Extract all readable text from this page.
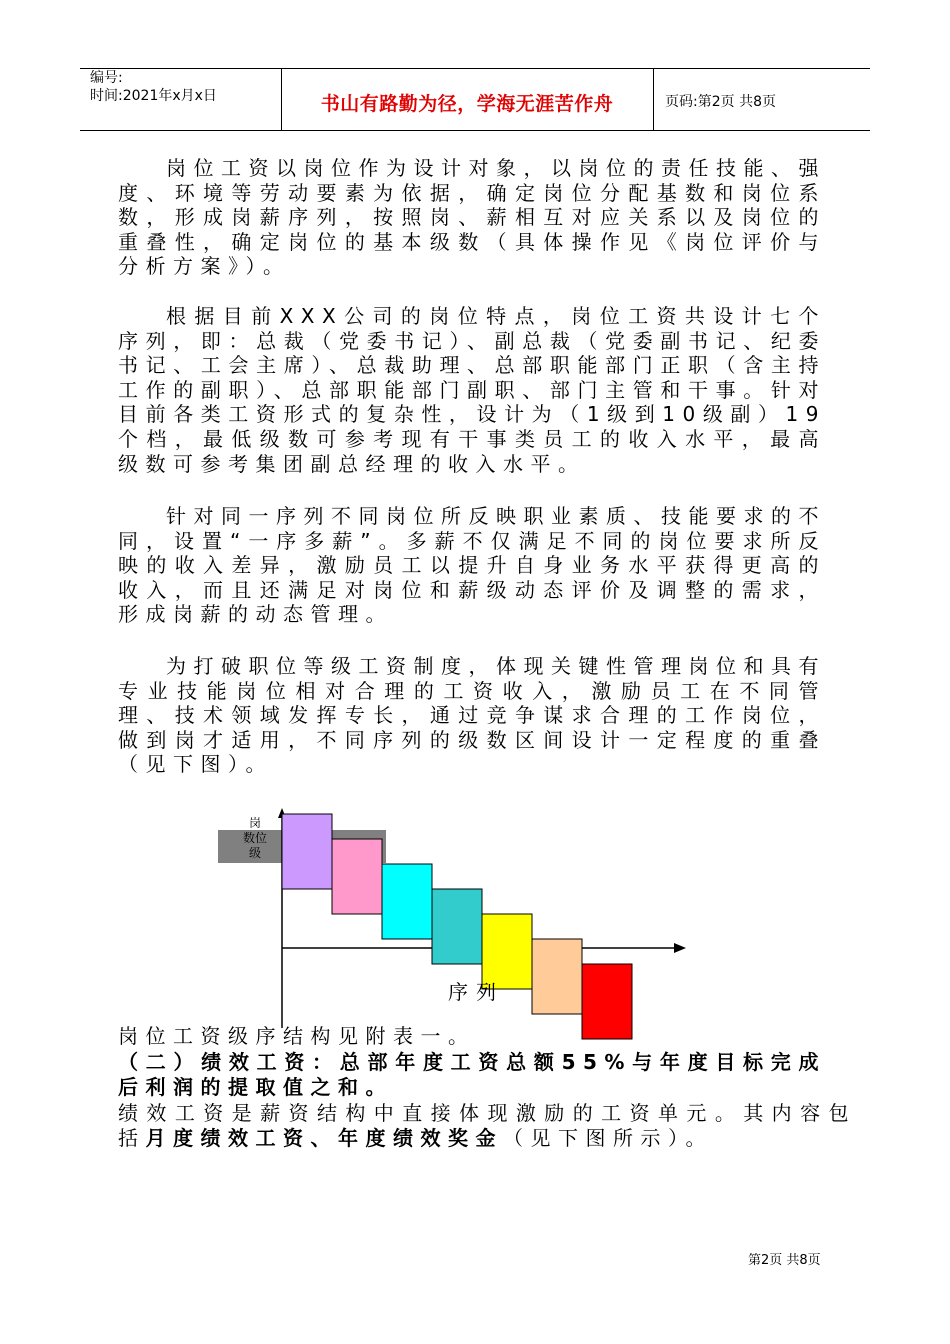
编号:
时间:2021年x月x日	书山有路勤为径，学海无涯苦作舟	页码:第2页 共8页
岗位工资以岗位作为设计对象，以岗位的责任技能、强度、环境等劳动要素为依据，确定岗位分配基数和岗位系数，形成岗薪序列，按照岗、薪相互对应关系以及岗位的重叠性，确定岗位的基本级数（具体操作见《岗位评价与分析方案》）。
根据目前XXX公司的岗位特点，岗位工资共设计七个序列，即：总裁（党委书记）、副总裁（党委副书记、纪委书记、工会主席）、总裁助理、总部职能部门正职（含主持工作的副职）、总部职能部门副职、部门主管和干事。针对目前各类工资形式的复杂性，设计为（1级到10级副）19个档，最低级数可参考现有干事类员工的收入水平，最高级数可参考集团副总经理的收入水平。
针对同一序列不同岗位所反映职业素质、技能要求的不同，设置“一序多薪”。多薪不仅满足不同的岗位要求所反映的收入差异，激励员工以提升自身业务水平获得更高的收入，而且还满足对岗位和薪级动态评价及调整的需求，形成岗薪的动态管理。
为打破职位等级工资制度，体现关键性管理岗位和具有专业技能岗位相对合理的工资收入，激励员工在不同管理、技术领域发挥专长，通过竞争谋求合理的工作岗位，做到岗才适用，不同序列的级数区间设计一定程度的重叠（见下图）。
岗
数位
级
序列
岗位工资级序结构见附表一。
（二）绩效工资：总部年度工资总额55%与年度目标完成后利润的提取值之和。
绩效工资是薪资结构中直接体现激励的工资单元。其内容包括月度绩效工资、年度绩效奖金（见下图所示）。
第2页 共8页
